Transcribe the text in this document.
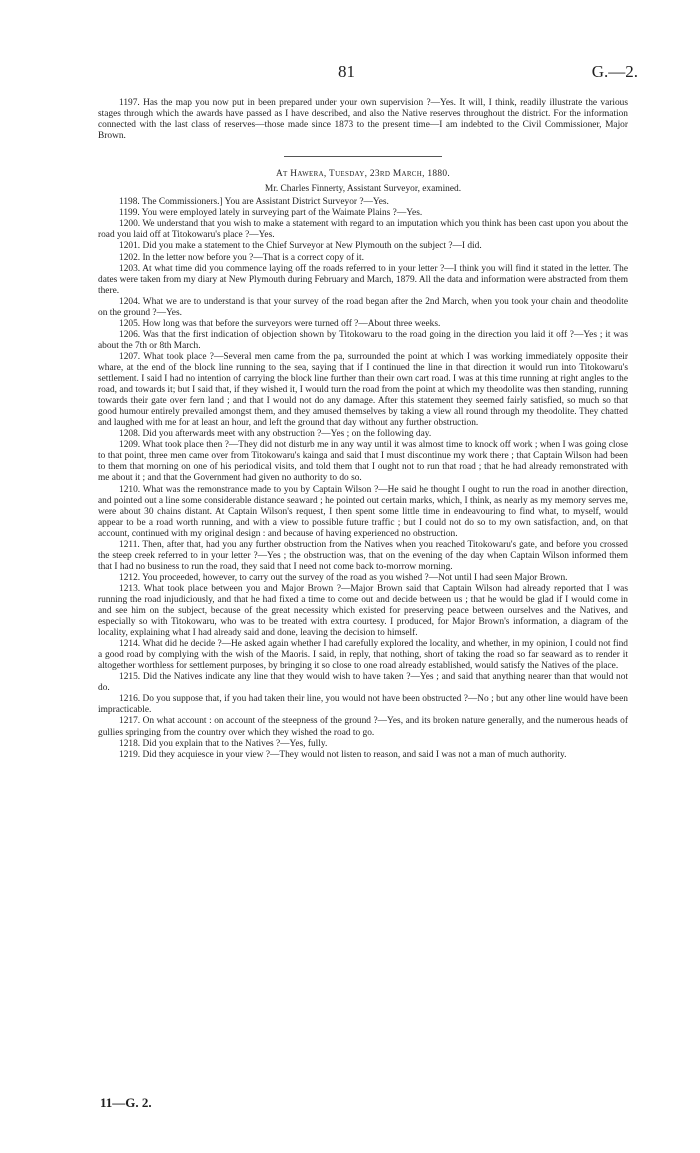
81	G.—2.

1197. Has the map you now put in been prepared under your own supervision ?—Yes. It will, I think, readily illustrate the various stages through which the awards have passed as I have described, and also the Native reserves throughout the district. For the information connected with the last class of reserves—those made since 1873 to the present time—I am indebted to the Civil Commissioner, Major Brown.

At Hawera, Tuesday, 23rd March, 1880.

Mr. Charles Finnerty, Assistant Surveyor, examined.

1198. The Commissioners.] You are Assistant District Surveyor ?—Yes.

1199. You were employed lately in surveying part of the Waimate Plains ?—Yes.

1200. We understand that you wish to make a statement with regard to an imputation which you think has been cast upon you about the road you laid off at Titokowaru's place ?—Yes.

1201. Did you make a statement to the Chief Surveyor at New Plymouth on the subject ?—I did.

1202. In the letter now before you ?—That is a correct copy of it.

1203. At what time did you commence laying off the roads referred to in your letter ?—I think you will find it stated in the letter. The dates were taken from my diary at New Plymouth during February and March, 1879. All the data and information were abstracted from them there.

1204. What we are to understand is that your survey of the road began after the 2nd March, when you took your chain and theodolite on the ground ?—Yes.

1205. How long was that before the surveyors were turned off ?—About three weeks.

1206. Was that the first indication of objection shown by Titokowaru to the road going in the direction you laid it off ?—Yes ; it was about the 7th or 8th March.

1207. What took place ?—Several men came from the pa, surrounded the point at which I was working immediately opposite their whare, at the end of the block line running to the sea, saying that if I continued the line in that direction it would run into Titokowaru's settlement. I said I had no intention of carrying the block line further than their own cart road. I was at this time running at right angles to the road, and towards it; but I said that, if they wished it, I would turn the road from the point at which my theodolite was then standing, running towards their gate over fern land ; and that I would not do any damage. After this statement they seemed fairly satisfied, so much so that good humour entirely prevailed amongst them, and they amused themselves by taking a view all round through my theodolite. They chatted and laughed with me for at least an hour, and left the ground that day without any further obstruction.

1208. Did you afterwards meet with any obstruction ?—Yes ; on the following day.

1209. What took place then ?—They did not disturb me in any way until it was almost time to knock off work ; when I was going close to that point, three men came over from Titokowaru's kainga and said that I must discontinue my work there ; that Captain Wilson had been to them that morning on one of his periodical visits, and told them that I ought not to run that road ; that he had already remonstrated with me about it ; and that the Government had given no authority to do so.

1210. What was the remonstrance made to you by Captain Wilson ?—He said he thought I ought to run the road in another direction, and pointed out a line some considerable distance seaward ; he pointed out certain marks, which, I think, as nearly as my memory serves me, were about 30 chains distant. At Captain Wilson's request, I then spent some little time in endeavouring to find what, to myself, would appear to be a road worth running, and with a view to possible future traffic ; but I could not do so to my own satisfaction, and, on that account, continued with my original design : and because of having experienced no obstruction.

1211. Then, after that, had you any further obstruction from the Natives when you reached Titokowaru's gate, and before you crossed the steep creek referred to in your letter ?—Yes ; the obstruction was, that on the evening of the day when Captain Wilson informed them that I had no business to run the road, they said that I need not come back to-morrow morning.

1212. You proceeded, however, to carry out the survey of the road as you wished ?—Not until I had seen Major Brown.

1213. What took place between you and Major Brown ?—Major Brown said that Captain Wilson had already reported that I was running the road injudiciously, and that he had fixed a time to come out and decide between us ; that he would be glad if I would come in and see him on the subject, because of the great necessity which existed for preserving peace between ourselves and the Natives, and especially so with Titokowaru, who was to be treated with extra courtesy. I produced, for Major Brown's information, a diagram of the locality, explaining what I had already said and done, leaving the decision to himself.

1214. What did he decide ?—He asked again whether I had carefully explored the locality, and whether, in my opinion, I could not find a good road by complying with the wish of the Maoris. I said, in reply, that nothing, short of taking the road so far seaward as to render it altogether worthless for settlement purposes, by bringing it so close to one road already established, would satisfy the Natives of the place.

1215. Did the Natives indicate any line that they would wish to have taken ?—Yes ; and said that anything nearer than that would not do.

1216. Do you suppose that, if you had taken their line, you would not have been obstructed ?—No ; but any other line would have been impracticable.

1217. On what account : on account of the steepness of the ground ?—Yes, and its broken nature generally, and the numerous heads of gullies springing from the country over which they wished the road to go.

1218. Did you explain that to the Natives ?—Yes, fully.

1219. Did they acquiesce in your view ?—They would not listen to reason, and said I was not a man of much authority.

11—G. 2.
